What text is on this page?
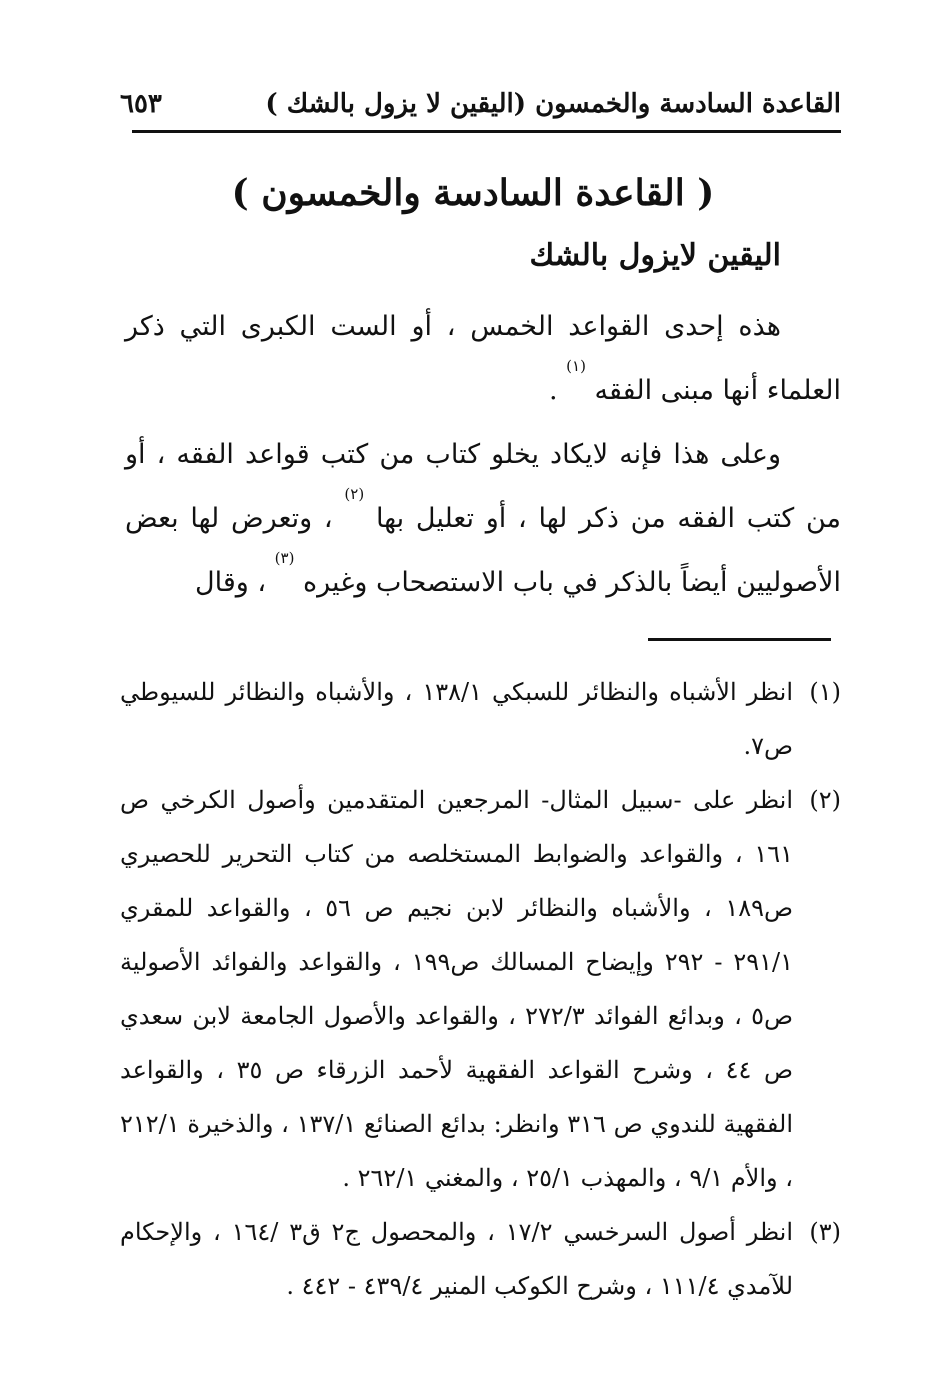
القاعدة السادسة والخمسون (اليقين لا يزول بالشك )
٦٥٣
( القاعدة السادسة والخمسون )
اليقين لايزول بالشك

هذه إحدى القواعد الخمس ، أو الست الكبرى التي ذكر العلماء أنها مبنى الفقه $^{(١)}$ .

وعلى هذا فإنه لايكاد يخلو كتاب من كتب قواعد الفقه ، أو من كتب الفقه من ذكر لها ، أو تعليل بها $^{(٢)}$ ، وتعرض لها بعض الأصوليين أيضاً بالذكر في باب الاستصحاب وغيره $^{(٣)}$ ، وقال

(١)
انظر الأشباه والنظائر للسبكي ١٣٨/١ ، والأشباه والنظائر للسيوطي ص٧.

(٢)
انظر على -سبيل المثال- المرجعين المتقدمين وأصول الكرخي ص ١٦١ ، والقواعد والضوابط المستخلصه من كتاب التحرير للحصيري ص١٨٩ ، والأشباه والنظائر لابن نجيم ص ٥٦ ، والقواعد للمقري ٢٩١/١ - ٢٩٢ وإيضاح المسالك ص١٩٩ ، والقواعد والفوائد الأصولية ص٥ ، وبدائع الفوائد ٢٧٢/٣ ، والقواعد والأصول الجامعة لابن سعدي ص ٤٤ ، وشرح القواعد الفقهية لأحمد الزرقاء ص ٣٥ ، والقواعد الفقهية للندوي ص ٣١٦ وانظر: بدائع الصنائع ١٣٧/١ ، والذخيرة ٢١٢/١ ، والأم ٩/١ ، والمهذب ٢٥/١ ، والمغني ٢٦٢/١ .

(٣)
انظر أصول السرخسي ١٧/٢ ، والمحصول ج٢ ق٣ /١٦٤ ، والإحكام للآمدي ١١١/٤ ، وشرح الكوكب المنير ٤٣٩/٤ - ٤٤٢ .
